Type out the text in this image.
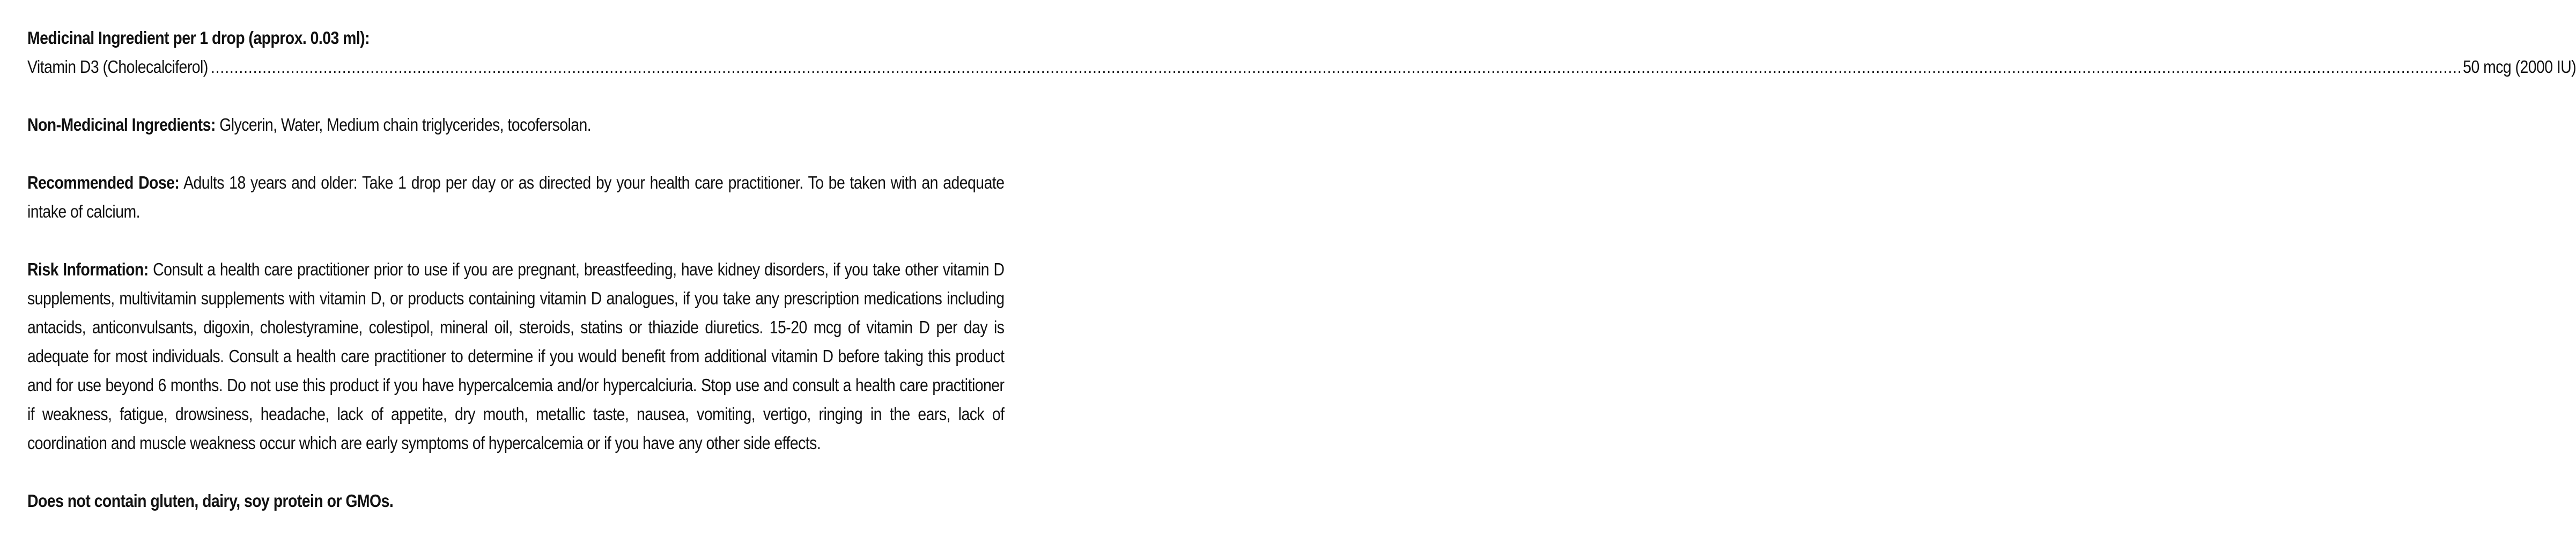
Medicinal Ingredient per 1 drop (approx. 0.03 ml):
Vitamin D3 (Cholecalciferol) ................................................................................................................................................................................................................................................................................................................................................................................................................................................................................................ 50 mcg (2000 IU)

Non-Medicinal Ingredients: Glycerin, Water, Medium chain triglycerides, tocofersolan.

Recommended Dose: Adults 18 years and older: Take 1 drop per day or as directed by your health care practitioner. To be taken with an adequate intake of calcium.

Risk Information: Consult a health care practitioner prior to use if you are pregnant, breastfeeding, have kidney disorders, if you take other vitamin D supplements, multivitamin supplements with vitamin D, or products containing vitamin D analogues, if you take any prescription medications including antacids, anticonvulsants, digoxin, cholestyramine, colestipol, mineral oil, steroids, statins or thiazide diuretics. 15-20 mcg of vitamin D per day is adequate for most individuals. Consult a health care practitioner to determine if you would benefit from additional vitamin D before taking this product and for use beyond 6 months. Do not use this product if you have hypercalcemia and/or hypercalciuria. Stop use and consult a health care practitioner if weakness, fatigue, drowsiness, headache, lack of appetite, dry mouth, metallic taste, nausea, vomiting, vertigo, ringing in the ears, lack of coordination and muscle weakness occur which are early symptoms of hypercalcemia or if you have any other side effects.

Does not contain gluten, dairy, soy protein or GMOs.
